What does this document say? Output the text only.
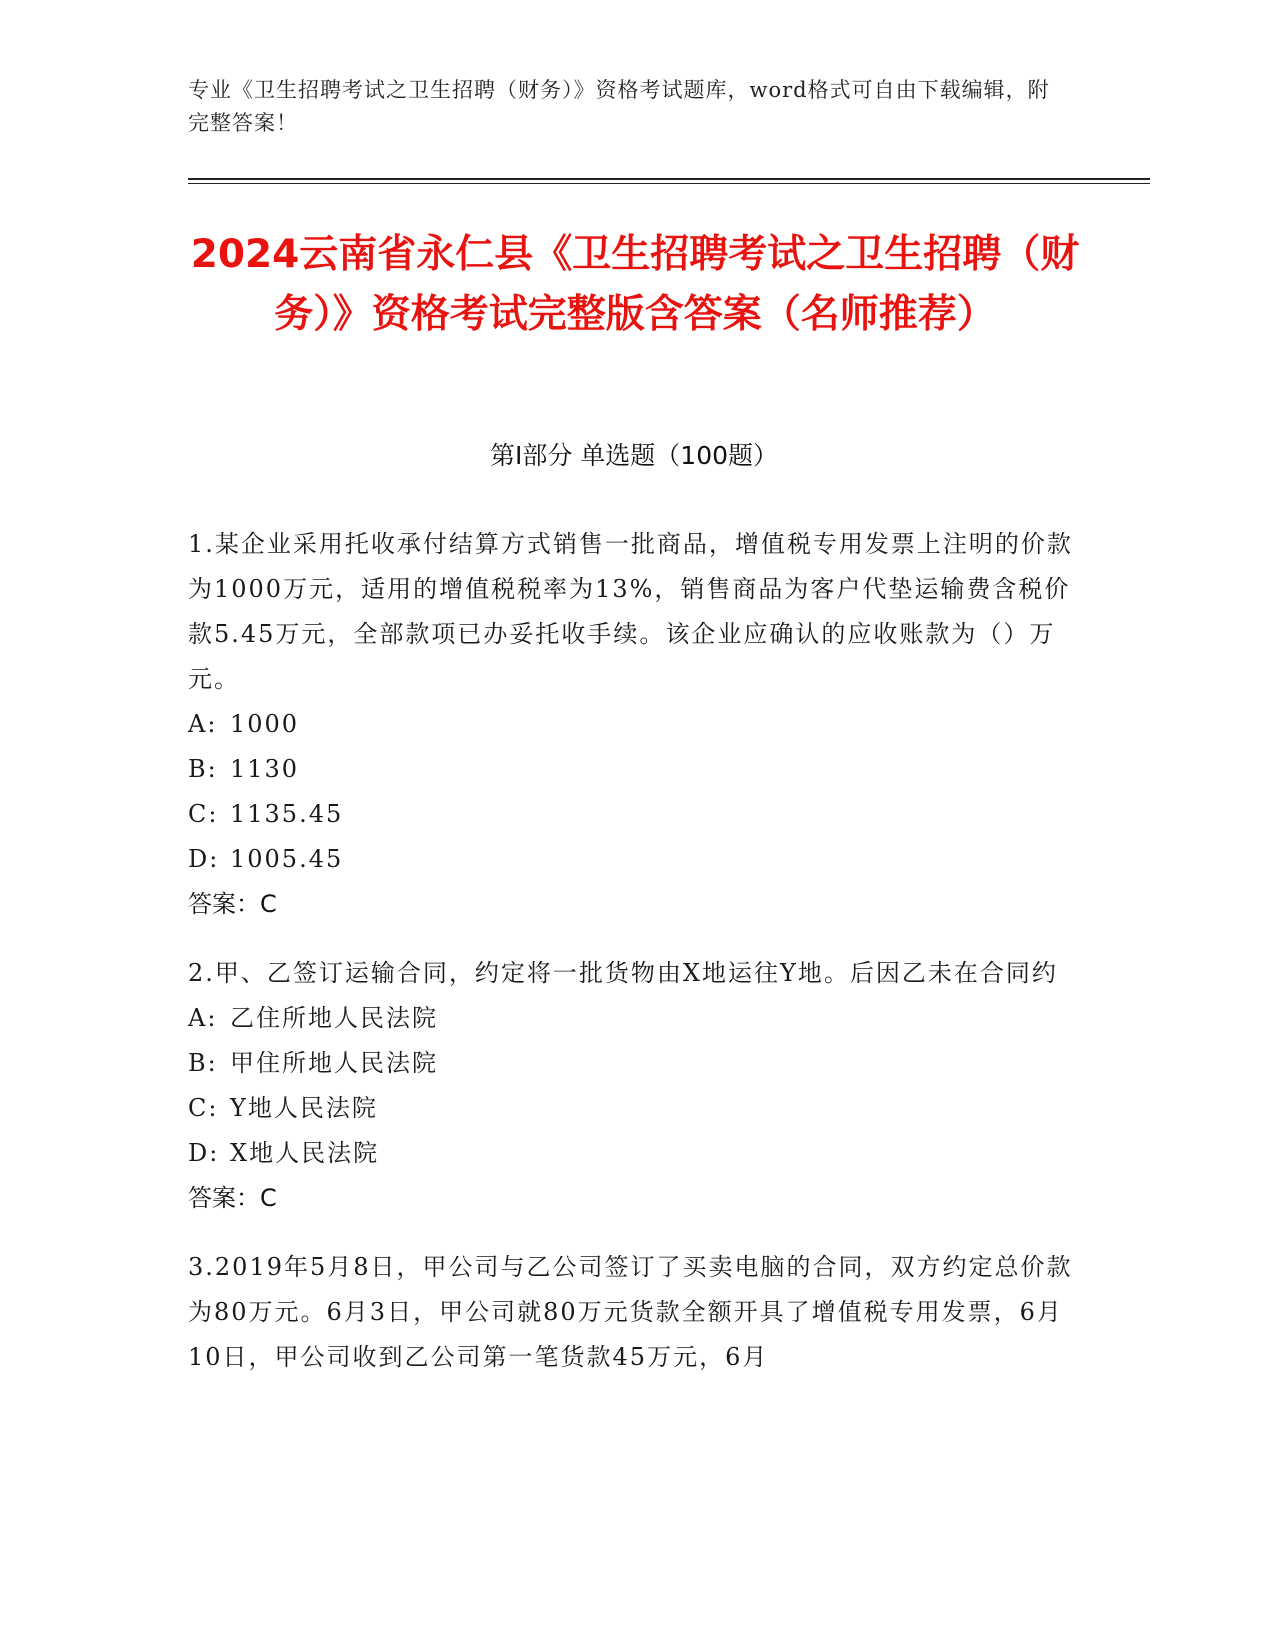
专业《卫生招聘考试之卫生招聘（财务）》资格考试题库，word格式可自由下载编辑，附完整答案！
2024云南省永仁县《卫生招聘考试之卫生招聘（财务）》资格考试完整版含答案（名师推荐）
第Ⅰ部分 单选题（100题）
1.某企业采用托收承付结算方式销售一批商品，增值税专用发票上注明的价款为1000万元，适用的增值税税率为13%，销售商品为客户代垫运输费含税价款5.45万元，全部款项已办妥托收手续。该企业应确认的应收账款为（）万元。
A: 1000
B: 1130
C: 1135.45
D: 1005.45
答案：C
2.甲、乙签订运输合同，约定将一批货物由X地运往Y地。后因乙未在合同约
A: 乙住所地人民法院
B: 甲住所地人民法院
C: Y地人民法院
D: X地人民法院
答案：C
3.2019年5月8日，甲公司与乙公司签订了买卖电脑的合同，双方约定总价款为80万元。6月3日，甲公司就80万元货款全额开具了增值税专用发票，6月10日，甲公司收到乙公司第一笔货款45万元，6月
